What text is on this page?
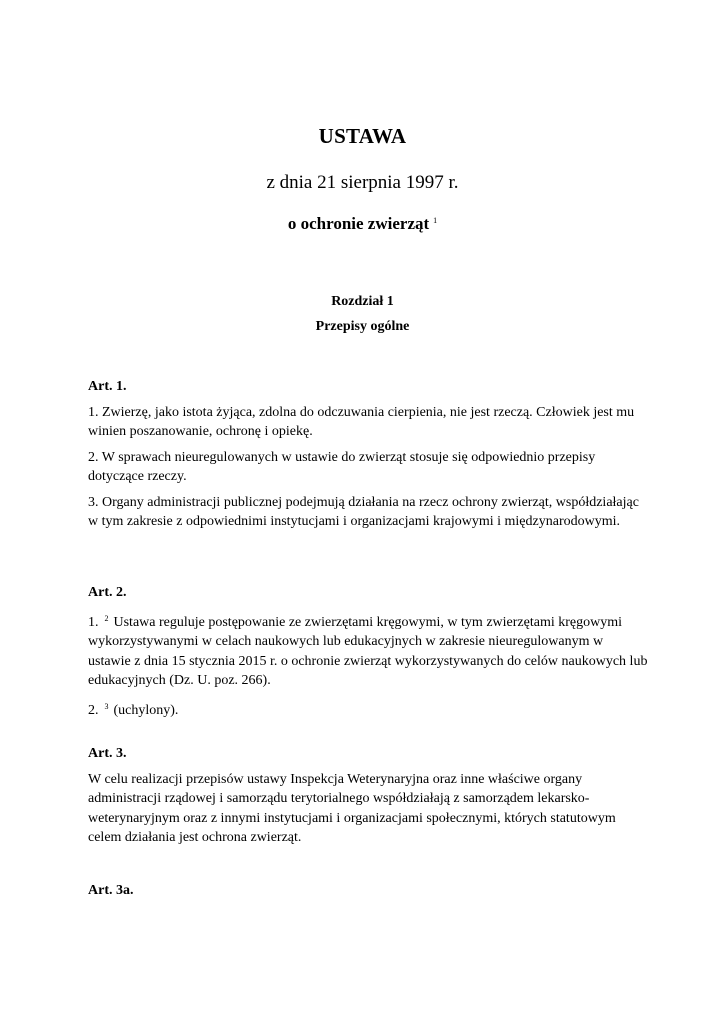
USTAWA
z dnia 21 sierpnia 1997 r.
o ochronie zwierząt $^1$
Rozdział 1
Przepisy ogólne
Art. 1.
1. Zwierzę, jako istota żyjąca, zdolna do odczuwania cierpienia, nie jest rzeczą. Człowiek jest mu winien poszanowanie, ochronę i opiekę.
2. W sprawach nieuregulowanych w ustawie do zwierząt stosuje się odpowiednio przepisy dotyczące rzeczy.
3. Organy administracji publicznej podejmują działania na rzecz ochrony zwierząt, współdziałając w tym zakresie z odpowiednimi instytucjami i organizacjami krajowymi i międzynarodowymi.
Art. 2.
1. $^2$ Ustawa reguluje postępowanie ze zwierzętami kręgowymi, w tym zwierzętami kręgowymi wykorzystywanymi w celach naukowych lub edukacyjnych w zakresie nieuregulowanym w ustawie z dnia 15 stycznia 2015 r. o ochronie zwierząt wykorzystywanych do celów naukowych lub edukacyjnych (Dz. U. poz. 266).
2. $^3$ (uchylony).
Art. 3.
W celu realizacji przepisów ustawy Inspekcja Weterynaryjna oraz inne właściwe organy administracji rządowej i samorządu terytorialnego współdziałają z samorządem lekarsko-weterynaryjnym oraz z innymi instytucjami i organizacjami społecznymi, których statutowym celem działania jest ochrona zwierząt.
Art. 3a.
